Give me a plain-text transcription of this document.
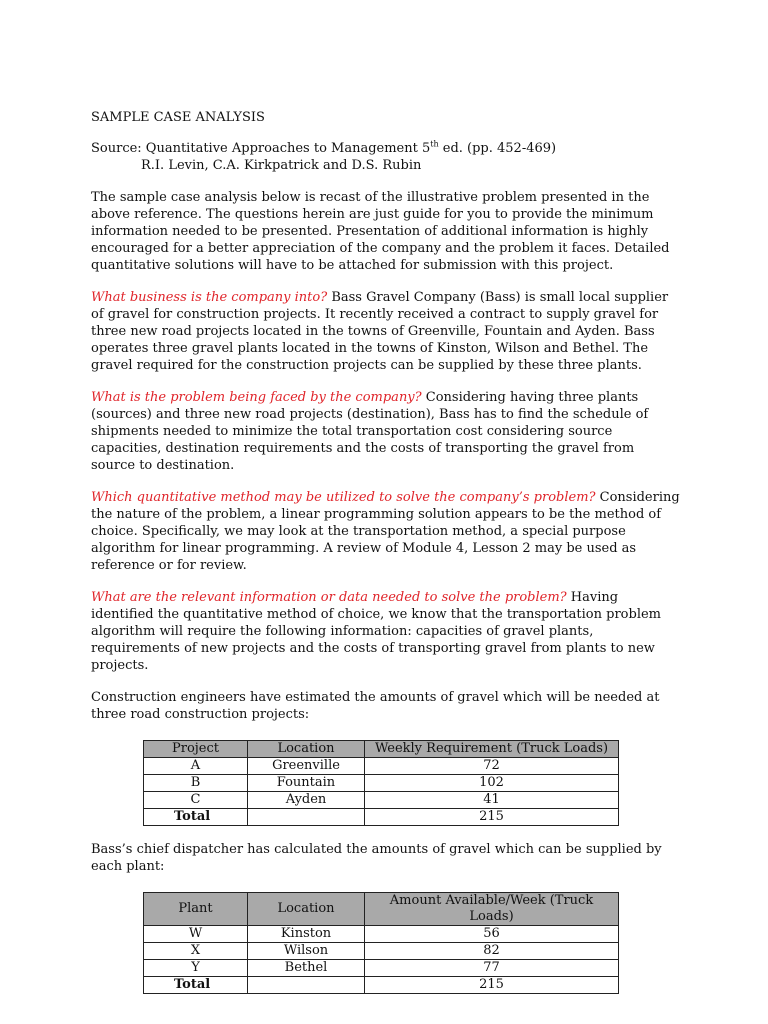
SAMPLE CASE ANALYSIS
Source: Quantitative Approaches to Management 5th ed. (pp. 452-469)
R.I. Levin, C.A. Kirkpatrick and D.S. Rubin

The sample case analysis below is recast of the illustrative problem presented in the above reference. The questions herein are just guide for you to provide the minimum information needed to be presented. Presentation of additional information is highly encouraged for a better appreciation of the company and the problem it faces. Detailed quantitative solutions will have to be attached for submission with this project.

What business is the company into? Bass Gravel Company (Bass) is small local supplier of gravel for construction projects. It recently received a contract to supply gravel for three new road projects located in the towns of Greenville, Fountain and Ayden. Bass operates three gravel plants located in the towns of Kinston, Wilson and Bethel. The gravel required for the construction projects can be supplied by these three plants.

What is the problem being faced by the company? Considering having three plants (sources) and three new road projects (destination), Bass has to find the schedule of shipments needed to minimize the total transportation cost considering source capacities, destination requirements and the costs of transporting the gravel from source to destination.

Which quantitative method may be utilized to solve the company’s problem? Considering the nature of the problem, a linear programming solution appears to be the method of choice. Specifically, we may look at the transportation method, a special purpose algorithm for linear programming. A review of Module 4, Lesson 2 may be used as reference or for review.

What are the relevant information or data needed to solve the problem? Having identified the quantitative method of choice, we know that the transportation problem algorithm will require the following information: capacities of gravel plants, requirements of new projects and the costs of transporting gravel from plants to new projects.

Construction engineers have estimated the amounts of gravel which will be needed at three road construction projects:

Project	Location	Weekly Requirement (Truck Loads)
A	Greenville	72
B	Fountain	102
C	Ayden	41
Total		215

Bass’s chief dispatcher has calculated the amounts of gravel which can be supplied by each plant:

Plant	Location	Amount Available/Week (Truck Loads)
W	Kinston	56
X	Wilson	82
Y	Bethel	77
Total		215
